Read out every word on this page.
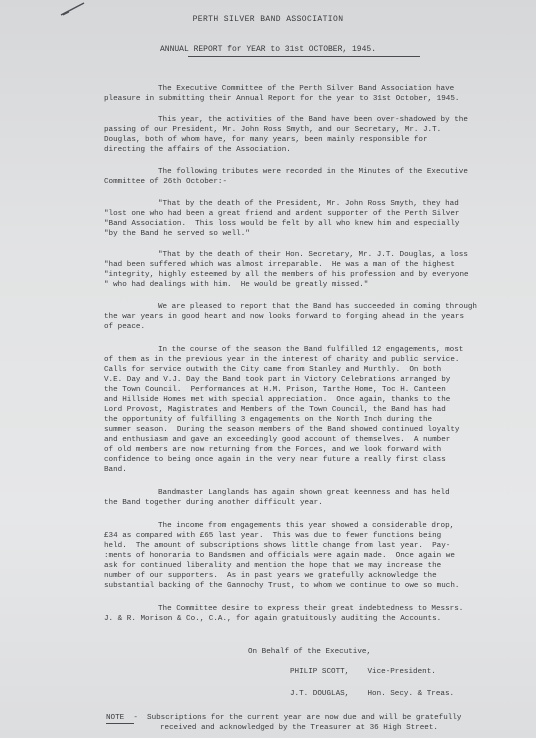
PERTH SILVER BAND ASSOCIATION
ANNUAL REPORT for YEAR to 31st OCTOBER, 1945.
The Executive Committee of the Perth Silver Band Association have
pleasure in submitting their Annual Report for the year to 31st October, 1945.
This year, the activities of the Band have been over-shadowed by the
passing of our President, Mr. John Ross Smyth, and our Secretary, Mr. J.T.
Douglas, both of whom have, for many years, been mainly responsible for
directing the affairs of the Association.
The following tributes were recorded in the Minutes of the Executive
Committee of 26th October:-
"That by the death of the President, Mr. John Ross Smyth, they had
"lost one who had been a great friend and ardent supporter of the Perth Silver
"Band Association.  This loss would be felt by all who knew him and especially
"by the Band he served so well."
"That by the death of their Hon. Secretary, Mr. J.T. Douglas, a loss
"had been suffered which was almost irreparable.  He was a man of the highest
"integrity, highly esteemed by all the members of his profession and by everyone
" who had dealings with him.  He would be greatly missed."
We are pleased to report that the Band has succeeded in coming through
the war years in good heart and now looks forward to forging ahead in the years
of peace.
In the course of the season the Band fulfilled 12 engagements, most
of them as in the previous year in the interest of charity and public service.
Calls for service outwith the City came from Stanley and Murthly.  On both
V.E. Day and V.J. Day the Band took part in Victory Celebrations arranged by
the Town Council.  Performances at H.M. Prison, Tarthe Home, Toc H. Canteen
and Hillside Homes met with special appreciation.  Once again, thanks to the
Lord Provost, Magistrates and Members of the Town Council, the Band has had
the opportunity of fulfilling 3 engagements on the North Inch during the
summer season.  During the season members of the Band showed continued loyalty
and enthusiasm and gave an exceedingly good account of themselves.  A number
of old members are now returning from the Forces, and we look forward with
confidence to being once again in the very near future a really first class
Band.
Bandmaster Langlands has again shown great keenness and has held
the Band together during another difficult year.
The income from engagements this year showed a considerable drop,
£34 as compared with £65 last year.  This was due to fewer functions being
held.  The amount of subscriptions shows little change from last year.  Pay-
:ments of honoraria to Bandsmen and officials were again made.  Once again we
ask for continued liberality and mention the hope that we may increase the
number of our supporters.  As in past years we gratefully acknowledge the
substantial backing of the Gannochy Trust, to whom we continue to owe so much.
The Committee desire to express their great indebtedness to Messrs.
J. & R. Morison & Co., C.A., for again gratuitously auditing the Accounts.
On Behalf of the Executive,
PHILIP SCOTT,    Vice-President.
J.T. DOUGLAS,    Hon. Secy. & Treas.
NOTE  -  Subscriptions for the current year are now due and will be gratefully
received and acknowledged by the Treasurer at 36 High Street.
